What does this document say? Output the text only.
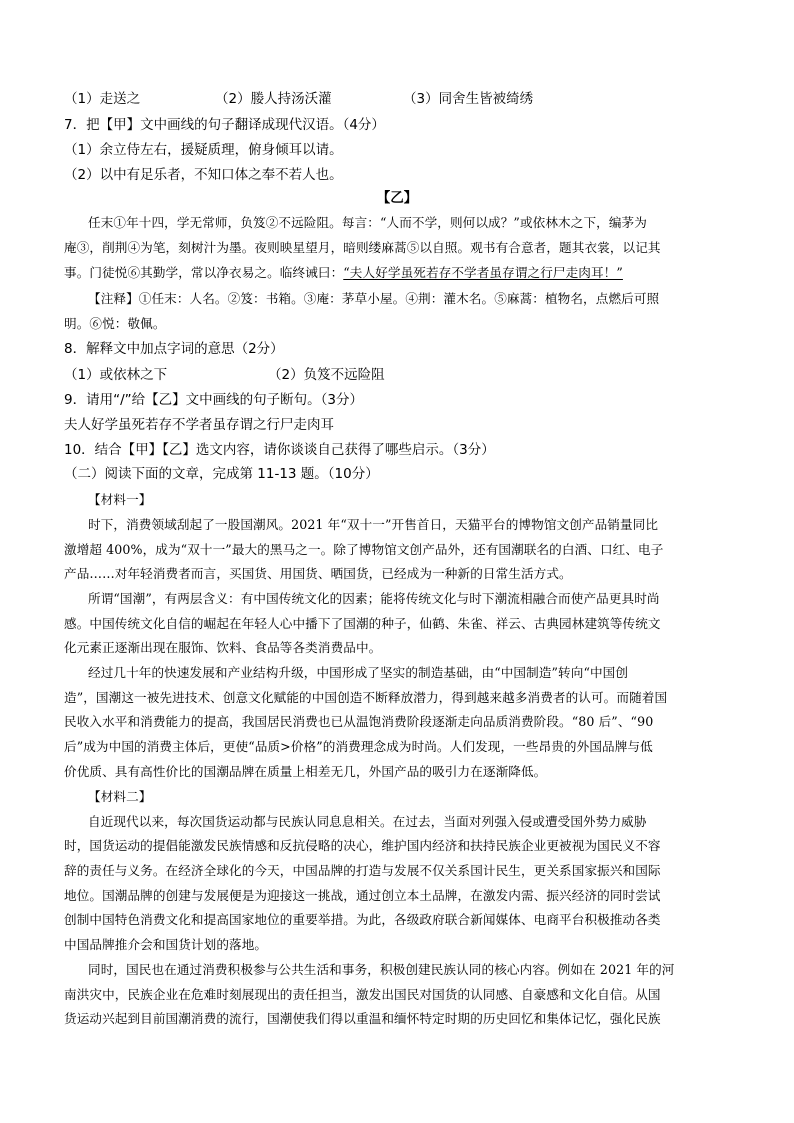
（1）走送之	（2）媵人持汤沃灌	（3）同舍生皆被绮绣
7．把【甲】文中画线的句子翻译成现代汉语。（4分）
（1）余立侍左右，援疑质理，俯身倾耳以请。
（2）以中有足乐者，不知口体之奉不若人也。
【乙】
任末①年十四，学无常师，负笈②不远险阻。每言：“人而不学，则何以成？”或依林木之下，编茅为
庵③，削荆④为笔，刻树汁为墨。夜则映星望月，暗则缕麻蒿⑤以自照。观书有合意者，题其衣裳，以记其
事。门徒悦⑥其勤学，常以净衣易之。临终诫曰：“夫人好学虽死若存不学者虽存谓之行尸走肉耳！”
【注释】①任末：人名。②笈：书箱。③庵：茅草小屋。④荆：灌木名。⑤麻蒿：植物名，点燃后可照
明。⑥悦：敬佩。
8．解释文中加点字词的意思（2分）
（1）或依林之下	（2）负笈不远险阻
9．请用“/”给【乙】文中画线的句子断句。（3分）
夫人好学虽死若存不学者虽存谓之行尸走肉耳
10．结合【甲】【乙】选文内容，请你谈谈自己获得了哪些启示。（3分）
（二）阅读下面的文章，完成第 11-13 题。（10分）
【材料一】
时下，消费领域刮起了一股国潮风。2021 年“双十一”开售首日，天猫平台的博物馆文创产品销量同比
激增超 400%，成为“双十一”最大的黑马之一。除了博物馆文创产品外，还有国潮联名的白酒、口红、电子
产品……对年轻消费者而言，买国货、用国货、晒国货，已经成为一种新的日常生活方式。
所谓“国潮”，有两层含义：有中国传统文化的因素；能将传统文化与时下潮流相融合而使产品更具时尚
感。中国传统文化自信的崛起在年轻人心中播下了国潮的种子，仙鹤、朱雀、祥云、古典园林建筑等传统文
化元素正逐渐出现在服饰、饮料、食品等各类消费品中。
经过几十年的快速发展和产业结构升级，中国形成了坚实的制造基础，由“中国制造”转向“中国创
造”，国潮这一被先进技术、创意文化赋能的中国创造不断释放潜力，得到越来越多消费者的认可。而随着国
民收入水平和消费能力的提高，我国居民消费也已从温饱消费阶段逐渐走向品质消费阶段。“80 后”、“90
后”成为中国的消费主体后，更使“品质>价格”的消费理念成为时尚。人们发现，一些昂贵的外国品牌与低
价优质、具有高性价比的国潮品牌在质量上相差无几，外国产品的吸引力在逐渐降低。
【材料二】
自近现代以来，每次国货运动都与民族认同息息相关。在过去，当面对列强入侵或遭受国外势力威胁
时，国货运动的提倡能激发民族情感和反抗侵略的决心，维护国内经济和扶持民族企业更被视为国民义不容
辞的责任与义务。在经济全球化的今天，中国品牌的打造与发展不仅关系国计民生，更关系国家振兴和国际
地位。国潮品牌的创建与发展便是为迎接这一挑战，通过创立本土品牌，在激发内需、振兴经济的同时尝试
创制中国特色消费文化和提高国家地位的重要举措。为此，各级政府联合新闻媒体、电商平台积极推动各类
中国品牌推介会和国货计划的落地。
同时，国民也在通过消费积极参与公共生活和事务，积极创建民族认同的核心内容。例如在 2021 年的河
南洪灾中，民族企业在危难时刻展现出的责任担当，激发出国民对国货的认同感、自豪感和文化自信。从国
货运动兴起到目前国潮消费的流行，国潮使我们得以重温和缅怀特定时期的历史回忆和集体记忆，强化民族
